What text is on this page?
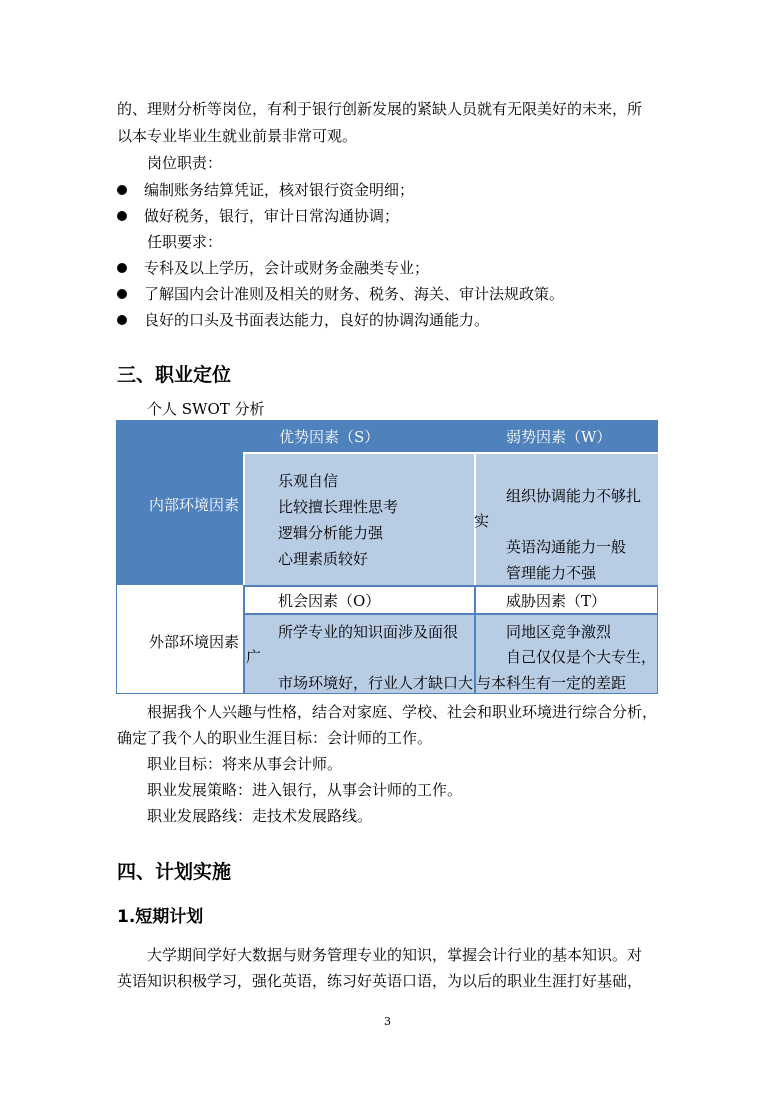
的、理财分析等岗位，有利于银行创新发展的紧缺人员就有无限美好的未来，所
以本专业毕业生就业前景非常可观。
岗位职责：
编制账务结算凭证，核对银行资金明细；
做好税务，银行，审计日常沟通协调；
任职要求：
专科及以上学历，会计或财务金融类专业；
了解国内会计准则及相关的财务、税务、海关、审计法规政策。
良好的口头及书面表达能力，良好的协调沟通能力。
三、职业定位
个人 SWOT 分析
优势因素（S）	弱势因素（W）
内部环境因素
乐观自信
比较擅长理性思考
逻辑分析能力强
心理素质较好
组织协调能力不够扎
实
英语沟通能力一般
管理能力不强
机会因素（O）	威胁因素（T）
外部环境因素
所学专业的知识面涉及面很
广
市场环境好，行业人才缺口大
同地区竞争激烈
自己仅仅是个大专生，
与本科生有一定的差距
根据我个人兴趣与性格，结合对家庭、学校、社会和职业环境进行综合分析，
确定了我个人的职业生涯目标：会计师的工作。
职业目标：将来从事会计师。
职业发展策略：进入银行，从事会计师的工作。
职业发展路线：走技术发展路线。
四、计划实施
1.短期计划
大学期间学好大数据与财务管理专业的知识，掌握会计行业的基本知识。对
英语知识积极学习，强化英语，练习好英语口语，为以后的职业生涯打好基础，
3
